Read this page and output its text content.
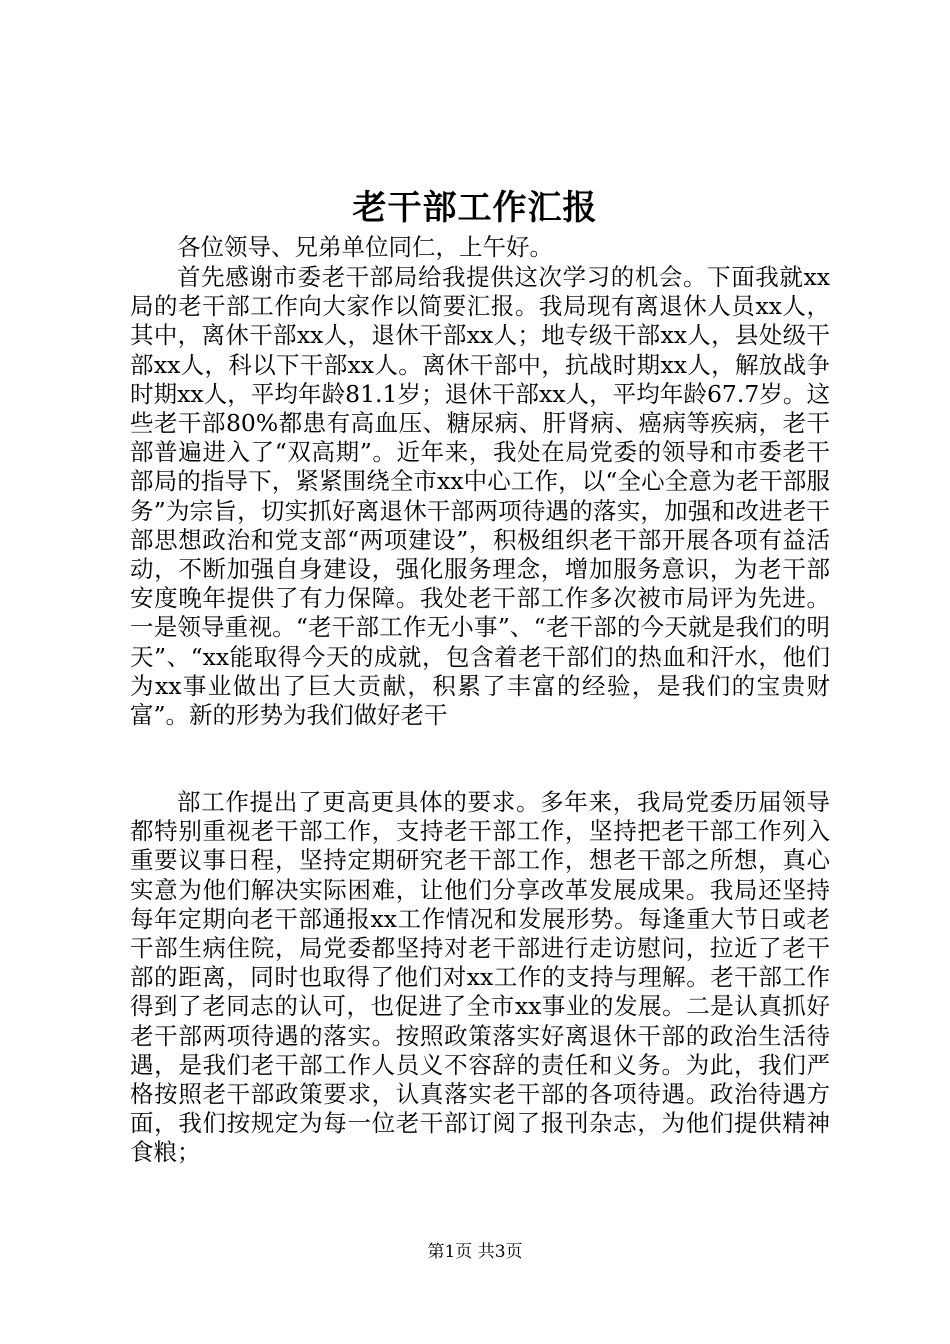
老干部工作汇报

各位领导、兄弟单位同仁，上午好。

首先感谢市委老干部局给我提供这次学习的机会。下面我就xx局的老干部工作向大家作以简要汇报。我局现有离退休人员xx人，其中，离休干部xx人，退休干部xx人；地专级干部xx人，县处级干部xx人，科以下干部xx人。离休干部中，抗战时期xx人，解放战争时期xx人，平均年龄81.1岁；退休干部xx人，平均年龄67.7岁。这些老干部80%都患有高血压、糖尿病、肝肾病、癌病等疾病，老干部普遍进入了“双高期”。近年来，我处在局党委的领导和市委老干部局的指导下，紧紧围绕全市xx中心工作，以“全心全意为老干部服务”为宗旨，切实抓好离退休干部两项待遇的落实，加强和改进老干部思想政治和党支部“两项建设”，积极组织老干部开展各项有益活动，不断加强自身建设，强化服务理念，增加服务意识，为老干部安度晚年提供了有力保障。我处老干部工作多次被市局评为先进。一是领导重视。“老干部工作无小事”、“老干部的今天就是我们的明天”、“xx能取得今天的成就，包含着老干部们的热血和汗水，他们为xx事业做出了巨大贡献，积累了丰富的经验，是我们的宝贵财富”。新的形势为我们做好老干

部工作提出了更高更具体的要求。多年来，我局党委历届领导都特别重视老干部工作，支持老干部工作，坚持把老干部工作列入重要议事日程，坚持定期研究老干部工作，想老干部之所想，真心实意为他们解决实际困难，让他们分享改革发展成果。我局还坚持每年定期向老干部通报xx工作情况和发展形势。每逢重大节日或老干部生病住院，局党委都坚持对老干部进行走访慰问，拉近了老干部的距离，同时也取得了他们对xx工作的支持与理解。老干部工作得到了老同志的认可，也促进了全市xx事业的发展。二是认真抓好老干部两项待遇的落实。按照政策落实好离退休干部的政治生活待遇，是我们老干部工作人员义不容辞的责任和义务。为此，我们严格按照老干部政策要求，认真落实老干部的各项待遇。政治待遇方面，我们按规定为每一位老干部订阅了报刊杂志，为他们提供精神食粮；

第1页 共3页
